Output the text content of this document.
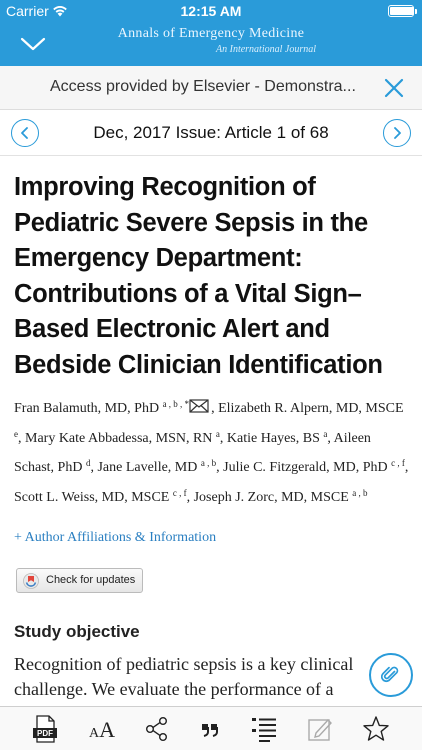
Carrier	12:15 AM
Annals of Emergency Medicine
An International Journal
Access provided by Elsevier - Demonstra...
Dec, 2017 Issue: Article 1 of 68
Improving Recognition of Pediatric Severe Sepsis in the Emergency Department: Contributions of a Vital Sign–Based Electronic Alert and Bedside Clinician Identification
Fran Balamuth, MD, PhD $^{a , b , *}$ , Elizabeth R. Alpern, MD, MSCE $^e$, Mary Kate Abbadessa, MSN, RN $^a$, Katie Hayes, BS $^a$, Aileen Schast, PhD $^d$, Jane Lavelle, MD $^{a , b}$, Julie C. Fitzgerald, MD, PhD $^{c , f}$, Scott L. Weiss, MD, MSCE $^{c , f}$, Joseph J. Zorc, MD, MSCE $^{a , b}$
+ Author Affiliations & Information
Check for updates
Study objective

Recognition of pediatric sepsis is a key clinical challenge. We evaluate the performance of a

PDF	AA
